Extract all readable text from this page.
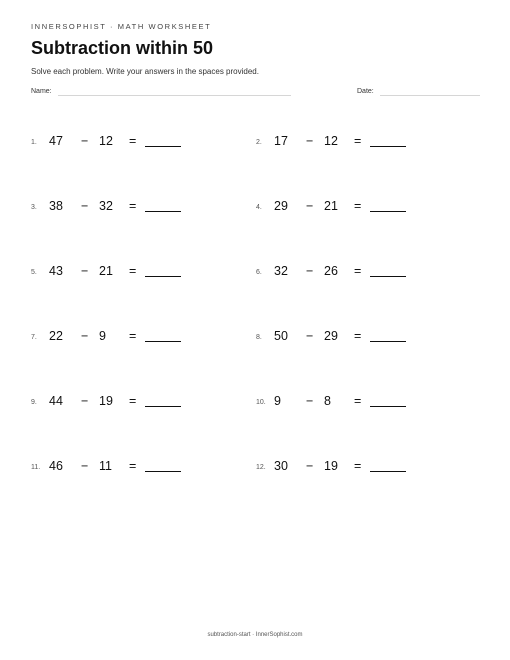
INNERSOPHIST · MATH WORKSHEET
Subtraction within 50
Solve each problem. Write your answers in the spaces provided.
Name:	Date:
1. 47 − 12 =	2. 17 − 12 =
3. 38 − 32 =	4. 29 − 21 =
5. 43 − 21 =	6. 32 − 26 =
7. 22 − 9 =	8. 50 − 29 =
9. 44 − 19 =	10. 9 − 8 =
11. 46 − 11 =	12. 30 − 19 =
subtraction-start · InnerSophist.com
